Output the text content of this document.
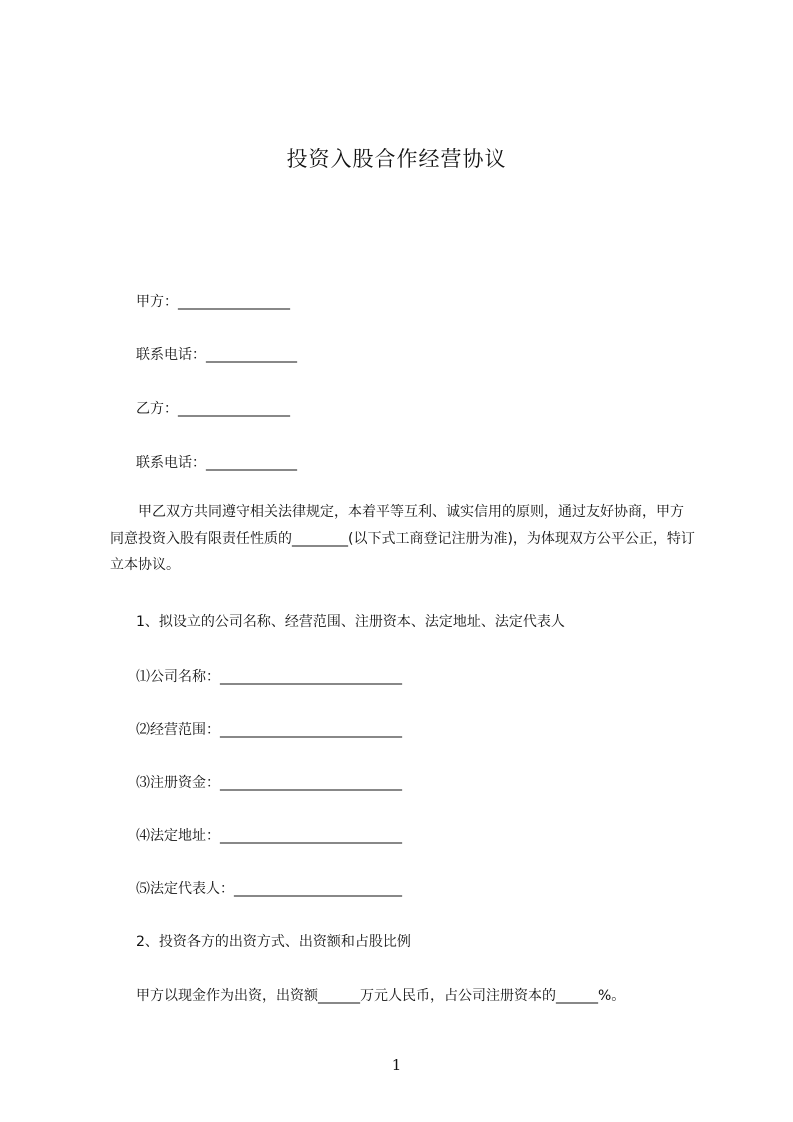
投资入股合作经营协议
甲方：________________
联系电话：_____________
乙方：________________
联系电话：_____________
甲乙双方共同遵守相关法律规定，本着平等互利、诚实信用的原则，通过友好协商，甲方同意投资入股有限责任性质的________(以下式工商登记注册为准)，为体现双方公平公正，特订立本协议。
1、拟设立的公司名称、经营范围、注册资本、法定地址、法定代表人
⑴公司名称：__________________________
⑵经营范围：__________________________
⑶注册资金：__________________________
⑷法定地址：__________________________
⑸法定代表人：________________________
2、投资各方的出资方式、出资额和占股比例
甲方以现金作为出资，出资额______万元人民币，占公司注册资本的______%。
1
